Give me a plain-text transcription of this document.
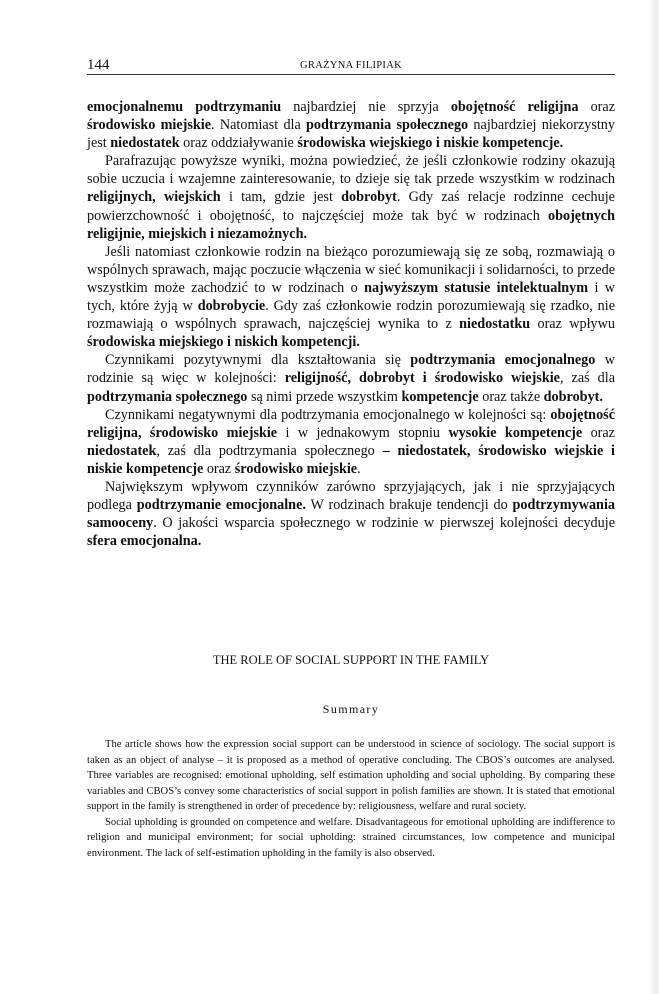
144	GRAŻYNA FILIPIAK

emocjonalnemu podtrzymaniu najbardziej nie sprzyja obojętność religijna oraz środowisko miejskie. Natomiast dla podtrzymania społecznego najbardziej niekorzystny jest niedostatek oraz oddziaływanie środowiska wiejskiego i niskie kompetencje.

Parafrazując powyższe wyniki, można powiedzieć, że jeśli członkowie rodziny okazują sobie uczucia i wzajemne zainteresowanie, to dzieje się tak przede wszystkim w rodzinach religijnych, wiejskich i tam, gdzie jest dobrobyt. Gdy zaś relacje rodzinne cechuje powierzchowność i obojętność, to najczęściej może tak być w rodzinach obojętnych religijnie, miejskich i niezamożnych.

Jeśli natomiast członkowie rodzin na bieżąco porozumiewają się ze sobą, rozmawiają o wspólnych sprawach, mając poczucie włączenia w sieć komunikacji i solidarności, to przede wszystkim może zachodzić to w rodzinach o najwyższym statusie intelektualnym i w tych, które żyją w dobrobycie. Gdy zaś członkowie rodzin porozumiewają się rzadko, nie rozmawiają o wspólnych sprawach, najczęściej wynika to z niedostatku oraz wpływu środowiska miejskiego i niskich kompetencji.

Czynnikami pozytywnymi dla kształtowania się podtrzymania emocjonalnego w rodzinie są więc w kolejności: religijność, dobrobyt i środowisko wiejskie, zaś dla podtrzymania społecznego są nimi przede wszystkim kompetencje oraz także dobrobyt.

Czynnikami negatywnymi dla podtrzymania emocjonalnego w kolejności są: obojętność religijna, środowisko miejskie i w jednakowym stopniu wysokie kompetencje oraz niedostatek, zaś dla podtrzymania społecznego – niedostatek, środowisko wiejskie i niskie kompetencje oraz środowisko miejskie.

Największym wpływom czynników zarówno sprzyjających, jak i nie sprzyjających podlega podtrzymanie emocjonalne. W rodzinach brakuje tendencji do podtrzymywania samooceny. O jakości wsparcia społecznego w rodzinie w pierwszej kolejności decyduje sfera emocjonalna.

THE ROLE OF SOCIAL SUPPORT IN THE FAMILY
Summary

The article shows how the expression social support can be understood in science of sociology. The social support is taken as an object of analyse – it is proposed as a method of operative concluding. The CBOS’s outcomes are analysed. Three variables are recognised: emotional upholding, self estimation upholding and social upholding. By comparing these variables and CBOS’s convey some characteristics of social support in polish families are shown. It is stated that emotional support in the family is strengthened in order of precedence by: religiousness, welfare and rural society.

Social upholding is grounded on competence and welfare. Disadvantageous for emotional upholding are indifference to religion and municipal environment; for social upholding: strained circumstances, low competence and municipal environment. The lack of self-estimation upholding in the family is also observed.
